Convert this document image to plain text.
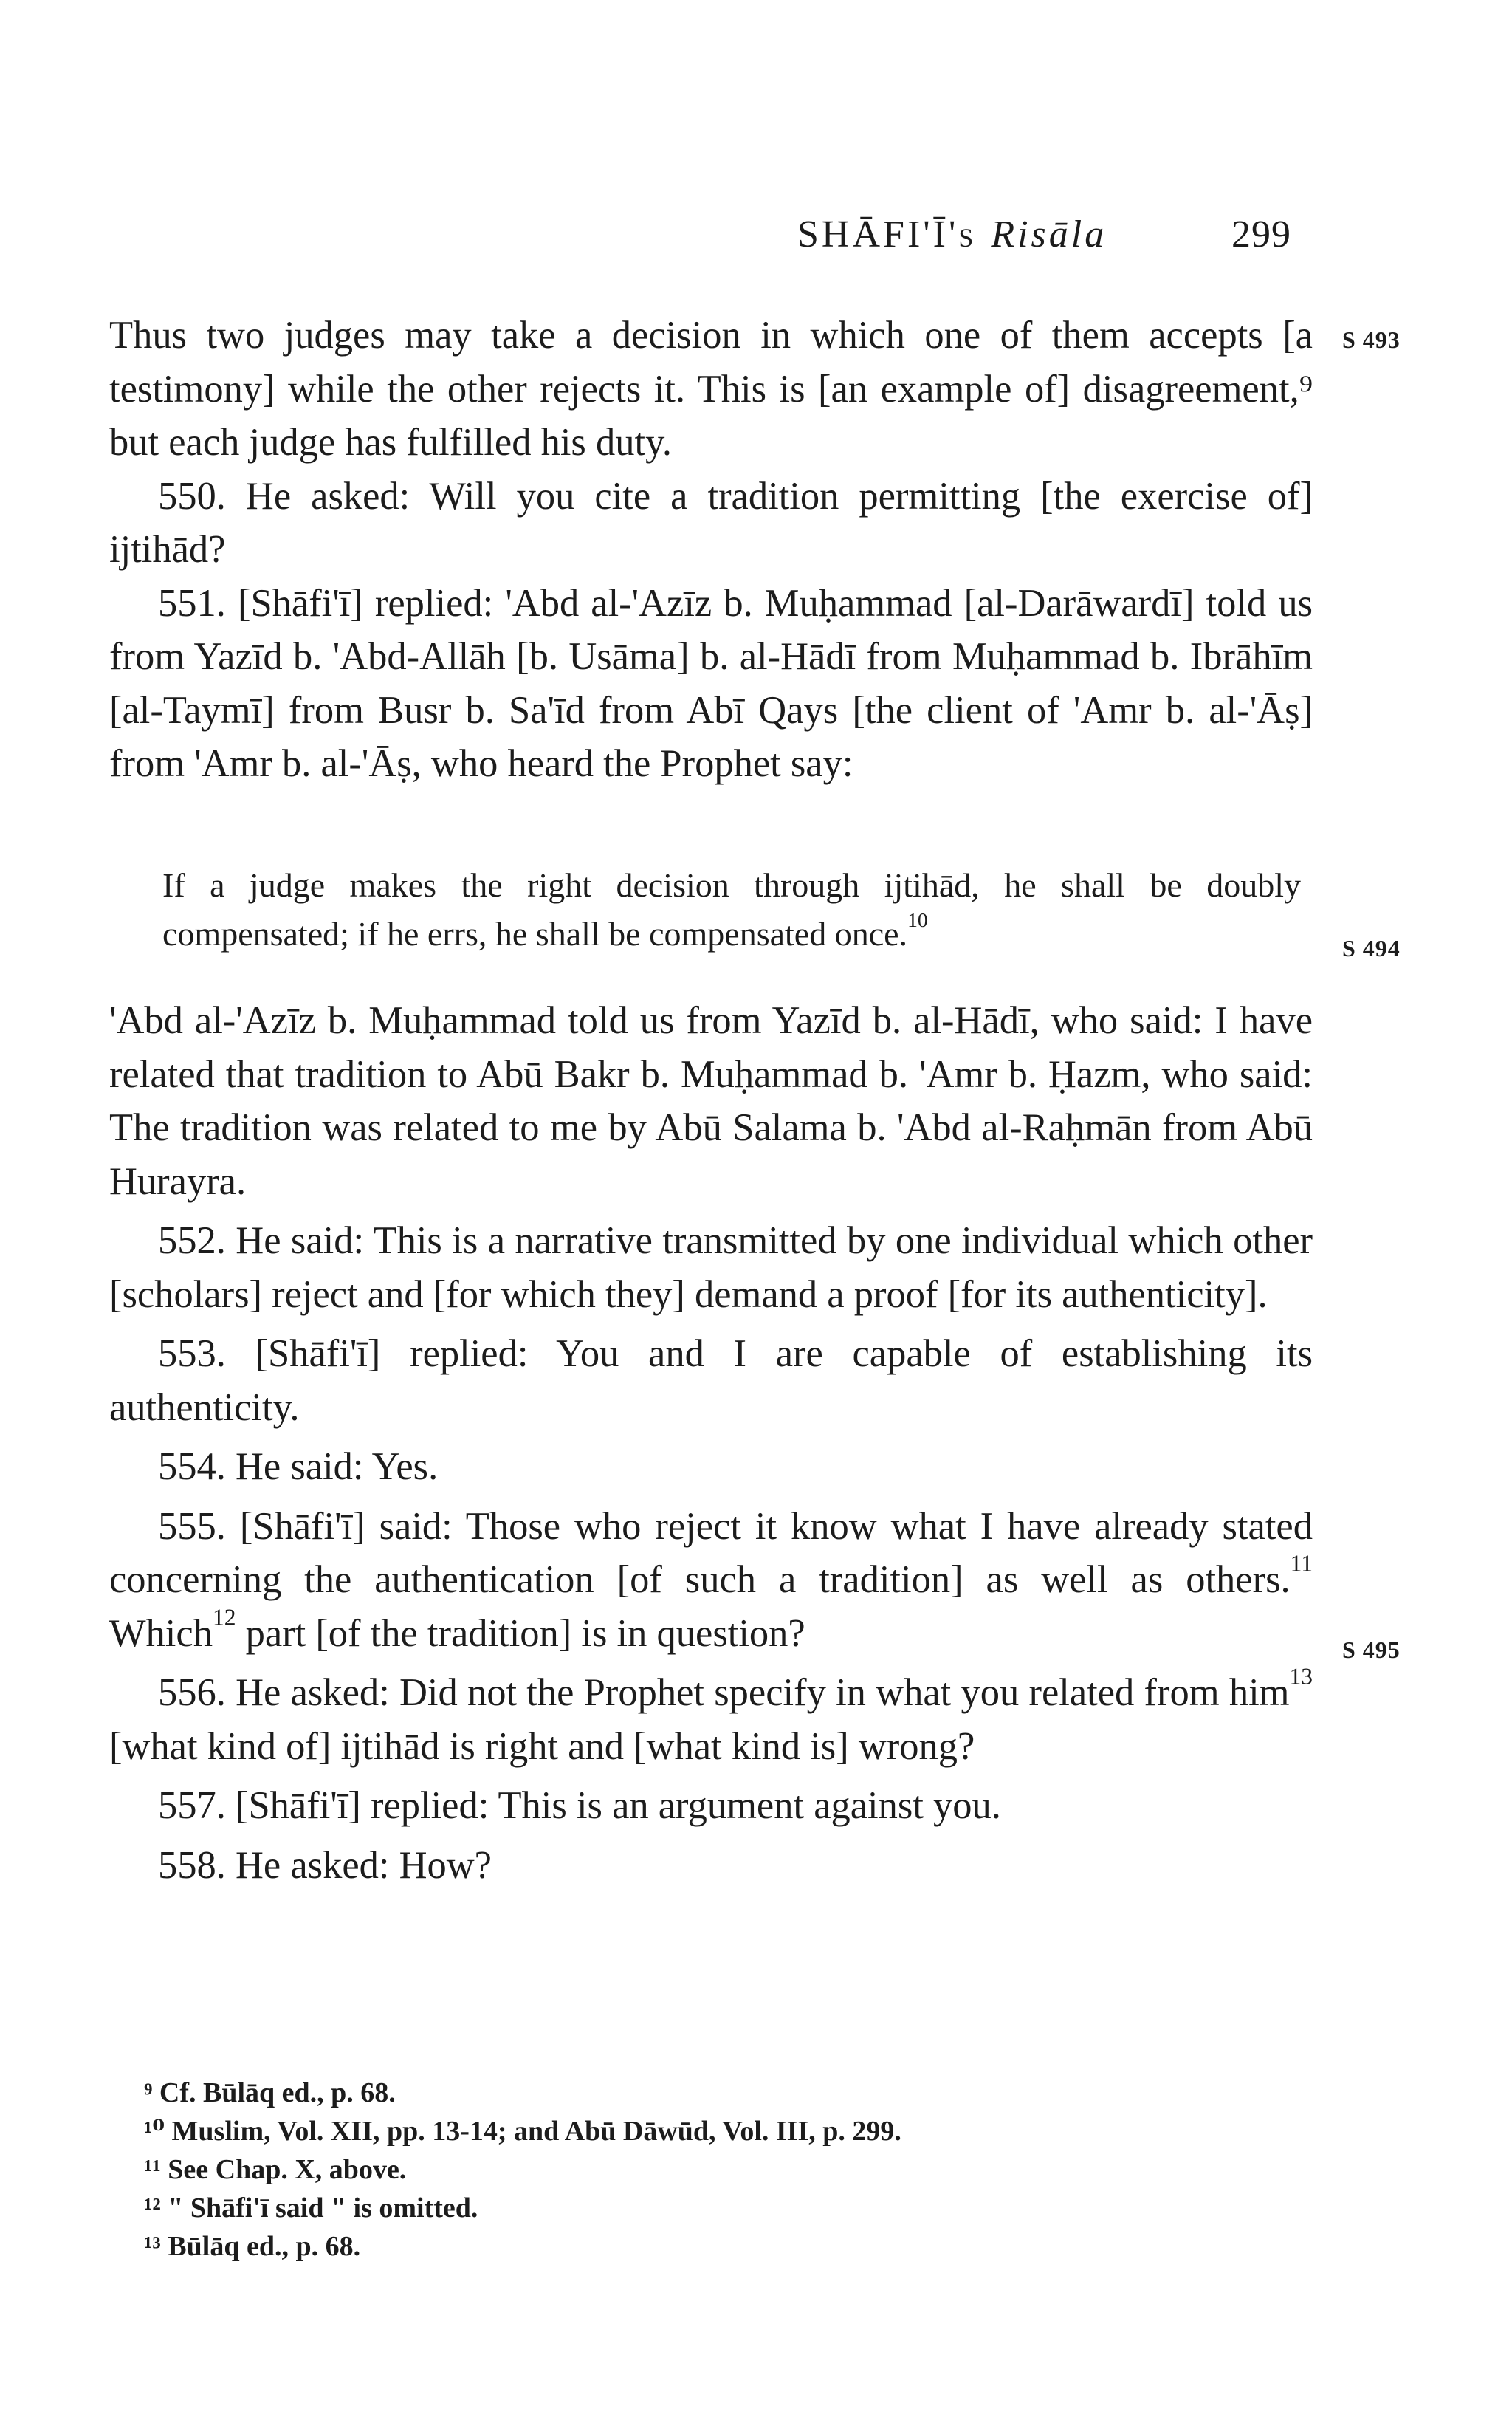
SHĀFI'Ī's Risāla	299
S 493
S 494
S 495

Thus two judges may take a decision in which one of them accepts [a testimony] while the other rejects it. This is [an example of] disagreement,⁹ but each judge has fulfilled his duty.

550. He asked: Will you cite a tradition permitting [the exercise of] ijtihād?

551. [Shāfi'ī] replied: 'Abd al-'Azīz b. Muḥammad [al-Darāwardī] told us from Yazīd b. 'Abd-Allāh [b. Usāma] b. al-Hādī from Muḥammad b. Ibrāhīm [al-Taymī] from Busr b. Sa'īd from Abī Qays [the client of 'Amr b. al-'Āṣ] from 'Amr b. al-'Āṣ, who heard the Prophet say:

If a judge makes the right decision through ijtihād, he shall be doubly compensated; if he errs, he shall be compensated once.$^{10}$

'Abd al-'Azīz b. Muḥammad told us from Yazīd b. al-Hādī, who said: I have related that tradition to Abū Bakr b. Muḥammad b. 'Amr b. Ḥazm, who said: The tradition was related to me by Abū Salama b. 'Abd al-Raḥmān from Abū Hurayra.

552. He said: This is a narrative transmitted by one individual which other [scholars] reject and [for which they] demand a proof [for its authenticity].

553. [Shāfi'ī] replied: You and I are capable of establishing its authenticity.

554. He said: Yes.

555. [Shāfi'ī] said: Those who reject it know what I have already stated concerning the authentication [of such a tradition] as well as others.$^{11}$ Which$^{12}$ part [of the tradition] is in question?

556. He asked: Did not the Prophet specify in what you related from him$^{13}$ [what kind of] ijtihād is right and [what kind is] wrong?

557. [Shāfi'ī] replied: This is an argument against you.

558. He asked: How?

⁹ Cf. Būlāq ed., p. 68.

¹⁰ Muslim, Vol. XII, pp. 13-14; and Abū Dāwūd, Vol. III, p. 299.

¹¹ See Chap. X, above.

¹² " Shāfi'ī said " is omitted.

¹³ Būlāq ed., p. 68.
